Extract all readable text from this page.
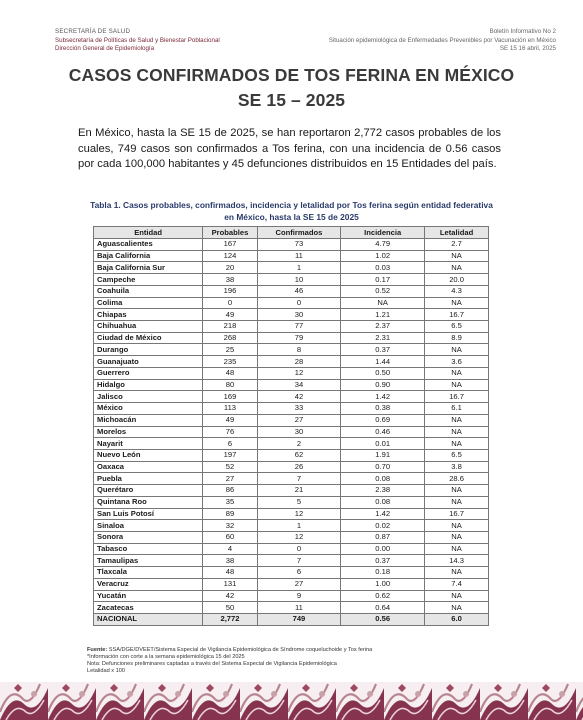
SECRETARÍA DE SALUD
Subsecretaría de Políticas de Salud y Bienestar Poblacional
Dirección General de Epidemiología
Boletín Informativo No 2
Situación epidemiológica de Enfermedades Prevenibles por Vacunación en México
SE 15 16 abril, 2025
CASOS CONFIRMADOS DE TOS FERINA EN MÉXICO
SE 15 – 2025

En México, hasta la SE 15 de 2025, se han reportaron 2,772 casos probables de los cuales, 749 casos son confirmados a Tos ferina, con una incidencia de 0.56 casos por cada 100,000 habitantes y 45 defunciones distribuidos en 15 Entidades del país.

Tabla 1. Casos probables, confirmados, incidencia y letalidad por Tos ferina según entidad federativa en México, hasta la SE 15 de 2025
Entidad	Probables	Confirmados	Incidencia	Letalidad
Aguascalientes	167	73	4.79	2.7
Baja California	124	11	1.02	NA
Baja California Sur	20	1	0.03	NA
Campeche	38	10	0.17	20.0
Coahuila	196	46	0.52	4.3
Colima	0	0	NA	NA
Chiapas	49	30	1.21	16.7
Chihuahua	218	77	2.37	6.5
Ciudad de México	268	79	2.31	8.9
Durango	25	8	0.37	NA
Guanajuato	235	28	1.44	3.6
Guerrero	48	12	0.50	NA
Hidalgo	80	34	0.90	NA
Jalisco	169	42	1.42	16.7
México	113	33	0.38	6.1
Michoacán	49	27	0.69	NA
Morelos	76	30	0.46	NA
Nayarit	6	2	0.01	NA
Nuevo León	197	62	1.91	6.5
Oaxaca	52	26	0.70	3.8
Puebla	27	7	0.08	28.6
Querétaro	86	21	2.38	NA
Quintana Roo	35	5	0.08	NA
San Luis Potosí	89	12	1.42	16.7
Sinaloa	32	1	0.02	NA
Sonora	60	12	0.87	NA
Tabasco	4	0	0.00	NA
Tamaulipas	38	7	0.37	14.3
Tlaxcala	48	6	0.18	NA
Veracruz	131	27	1.00	7.4
Yucatán	42	9	0.62	NA
Zacatecas	50	11	0.64	NA
NACIONAL	2,772	749	0.56	6.0
Fuente: SSA/DGE/DVEET/Sistema Especial de Vigilancia Epidemiológica de Síndrome coqueluchoide y Tos ferina
*Información con corte a la semana epidemiológica 15 del 2025
Nota: Defunciones preliminares captadas a través del Sistema Especial de Vigilancia Epidemiológica
Letalidad x 100
